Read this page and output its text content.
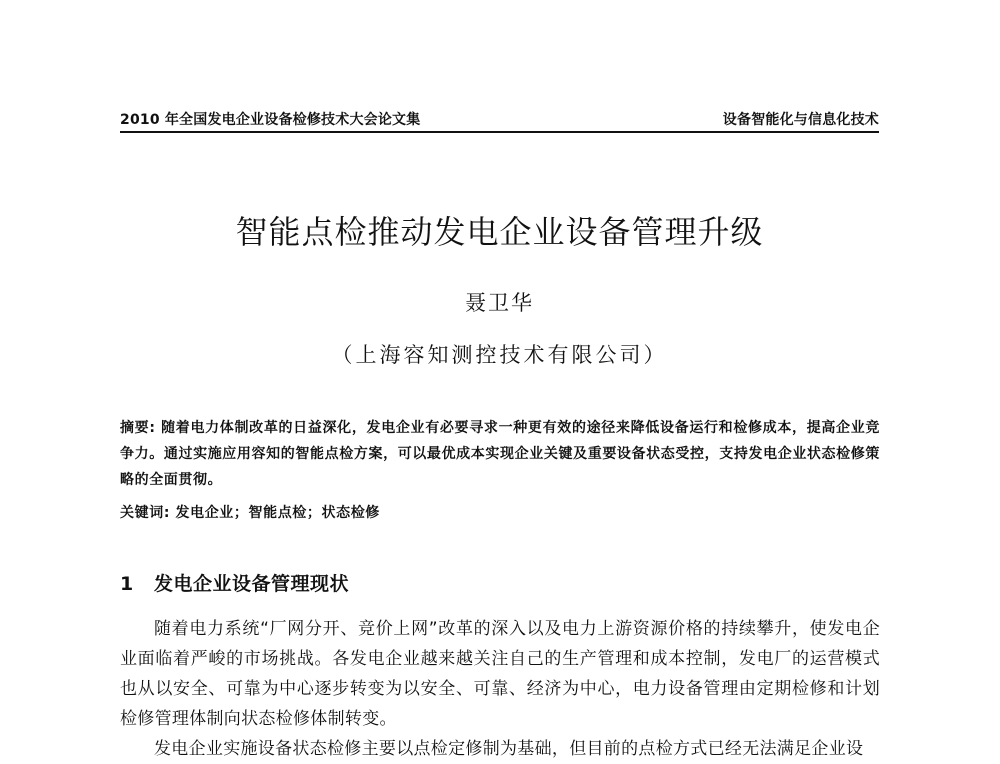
2010 年全国发电企业设备检修技术大会论文集	设备智能化与信息化技术
智能点检推动发电企业设备管理升级
聂卫华
（上海容知测控技术有限公司）
摘要: 随着电力体制改革的日益深化，发电企业有必要寻求一种更有效的途径来降低设备运行和检修成本，提高企业竞争力。通过实施应用容知的智能点检方案，可以最优成本实现企业关键及重要设备状态受控，支持发电企业状态检修策略的全面贯彻。
关键词: 发电企业；智能点检；状态检修
1 发电企业设备管理现状

随着电力系统“厂网分开、竞价上网”改革的深入以及电力上游资源价格的持续攀升，使发电企业面临着严峻的市场挑战。各发电企业越来越关注自己的生产管理和成本控制，发电厂的运营模式也从以安全、可靠为中心逐步转变为以安全、可靠、经济为中心，电力设备管理由定期检修和计划检修管理体制向状态检修体制转变。

发电企业实施设备状态检修主要以点检定修制为基础，但目前的点检方式已经无法满足企业设
